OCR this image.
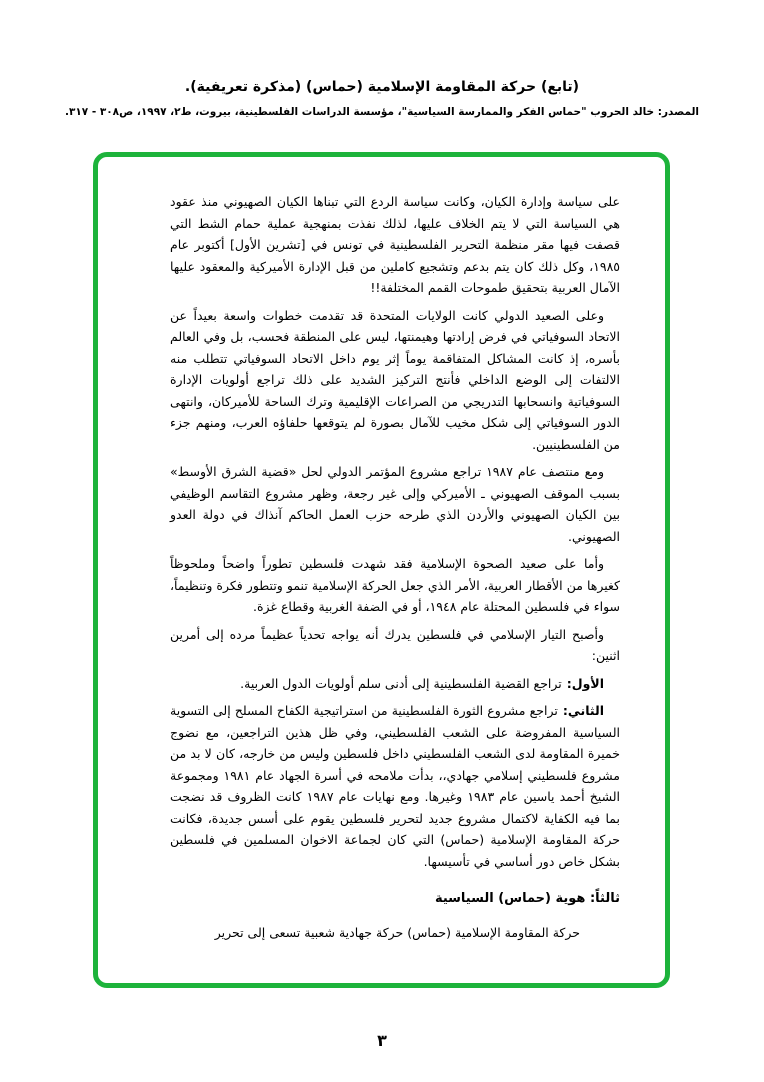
(تابع) حركة المقاومة الإسلامية (حماس) (مذكرة تعريفية).
المصدر: خالد الحروب "حماس الفكر والممارسة السياسية"، مؤسسة الدراسات الفلسطينية، بيروت، ط٢، ١٩٩٧، ص٣٠٨ - ٣١٧.

على سياسة وإدارة الكيان، وكانت سياسة الردع التي تبناها الكيان الصهيوني منذ عقود هي السياسة التي لا يتم الخلاف عليها، لذلك نفذت بمنهجية عملية حمام الشط التي قصفت فيها مقر منظمة التحرير الفلسطينية في تونس في [تشرين الأول] أكتوبر عام ١٩٨٥، وكل ذلك كان يتم بدعم وتشجيع كاملين من قبل الإدارة الأميركية والمعقود عليها الآمال العربية بتحقيق طموحات القمم المختلفة!!

وعلى الصعيد الدولي كانت الولايات المتحدة قد تقدمت خطوات واسعة بعيداً عن الاتحاد السوفياتي في فرض إرادتها وهيمنتها، ليس على المنطقة فحسب، بل وفي العالم بأسره، إذ كانت المشاكل المتفاقمة يوماً إثر يوم داخل الاتحاد السوفياتي تتطلب منه الالتفات إلى الوضع الداخلي فأنتج التركيز الشديد على ذلك تراجع أولويات الإدارة السوفياتية وانسحابها التدريجي من الصراعات الإقليمية وترك الساحة للأميركان، وانتهى الدور السوفياتي إلى شكل مخيب للآمال بصورة لم يتوقعها حلفاؤه العرب، ومنهم جزء من الفلسطينيين.

ومع منتصف عام ١٩٨٧ تراجع مشروع المؤتمر الدولي لحل «قضية الشرق الأوسط» بسبب الموقف الصهيوني ـ الأميركي وإلى غير رجعة، وظهر مشروع التقاسم الوظيفي بين الكيان الصهيوني والأردن الذي طرحه حزب العمل الحاكم آنذاك في دولة العدو الصهيوني.

وأما على صعيد الصحوة الإسلامية فقد شهدت فلسطين تطوراً واضحاً وملحوظاً كغيرها من الأقطار العربية، الأمر الذي جعل الحركة الإسلامية تنمو وتتطور فكرة وتنظيماً، سواء في فلسطين المحتلة عام ١٩٤٨، أو في الضفة الغربية وقطاع غزة.

وأصبح التيار الإسلامي في فلسطين يدرك أنه يواجه تحدياً عظيماً مرده إلى أمرين اثنين:

الأول:تراجع القضية الفلسطينية إلى أدنى سلم أولويات الدول العربية.

الثاني:تراجع مشروع الثورة الفلسطينية من استراتيجية الكفاح المسلح إلى التسوية السياسية المفروضة على الشعب الفلسطيني، وفي ظل هذين التراجعين، مع نضوج خميرة المقاومة لدى الشعب الفلسطيني داخل فلسطين وليس من خارجه، كان لا بد من مشروع فلسطيني إسلامي جهادي،، بدأت ملامحه في أسرة الجهاد عام ١٩٨١ ومجموعة الشيخ أحمد ياسين عام ١٩٨٣ وغيرها. ومع نهايات عام ١٩٨٧ كانت الظروف قد نضجت بما فيه الكفاية لاكتمال مشروع جديد لتحرير فلسطين يقوم على أسس جديدة، فكانت حركة المقاومة الإسلامية (حماس) التي كان لجماعة الاخوان المسلمين في فلسطين بشكل خاص دور أساسي في تأسيسها.

ثالثاً: هوية (حماس) السياسية

حركة المقاومة الإسلامية (حماس) حركة جهادية شعبية تسعى إلى تحرير

٣
